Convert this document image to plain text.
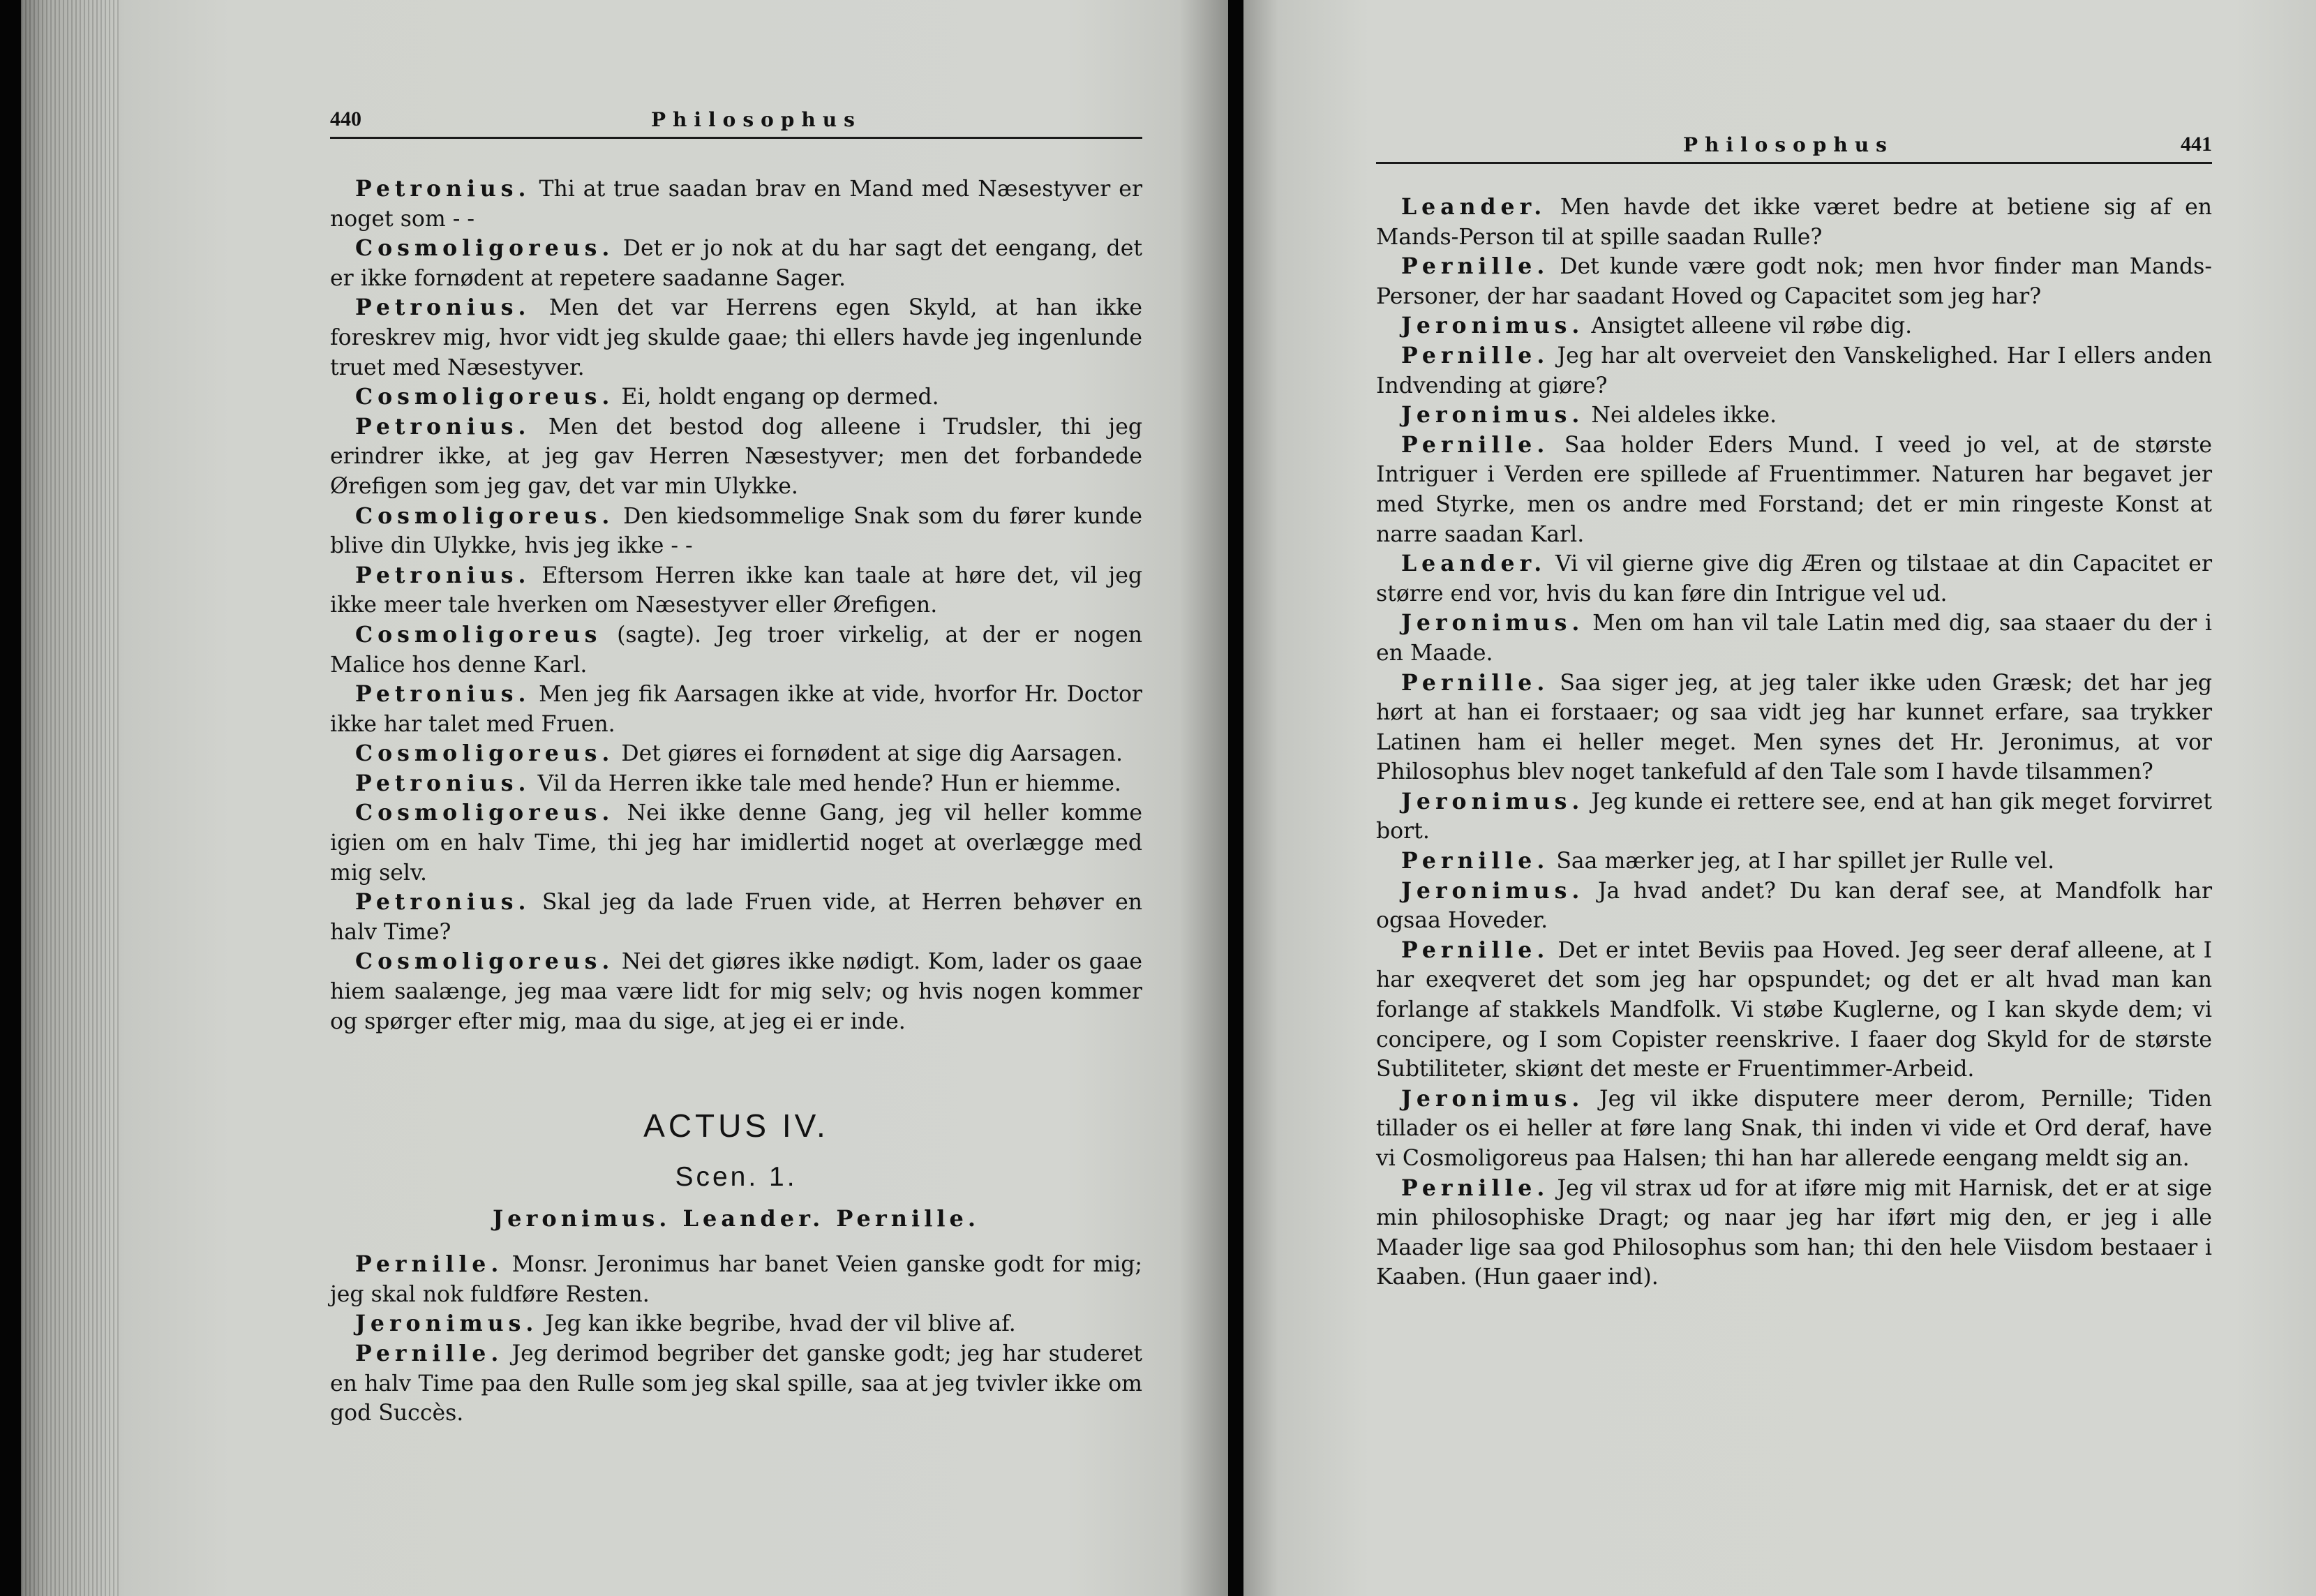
440	Philosophus

Petronius. Thi at true saadan brav en Mand med Næsestyver er noget som - -

Cosmoligoreus. Det er jo nok at du har sagt det eengang, det er ikke fornødent at repetere saadanne Sager.

Petronius. Men det var Herrens egen Skyld, at han ikke foreskrev mig, hvor vidt jeg skulde gaae; thi ellers havde jeg ingenlunde truet med Næsestyver.

Cosmoligoreus. Ei, holdt engang op dermed.

Petronius. Men det bestod dog alleene i Trudsler, thi jeg erindrer ikke, at jeg gav Herren Næsestyver; men det forbandede Ørefigen som jeg gav, det var min Ulykke.

Cosmoligoreus. Den kiedsommelige Snak som du fører kunde blive din Ulykke, hvis jeg ikke - -

Petronius. Eftersom Herren ikke kan taale at høre det, vil jeg ikke meer tale hverken om Næsestyver eller Ørefigen.

Cosmoligoreus (sagte). Jeg troer virkelig, at der er nogen Malice hos denne Karl.

Petronius. Men jeg fik Aarsagen ikke at vide, hvorfor Hr. Doctor ikke har talet med Fruen.

Cosmoligoreus. Det giøres ei fornødent at sige dig Aarsagen.

Petronius. Vil da Herren ikke tale med hende? Hun er hiemme.

Cosmoligoreus. Nei ikke denne Gang, jeg vil heller komme igien om en halv Time, thi jeg har imidlertid noget at overlægge med mig selv.

Petronius. Skal jeg da lade Fruen vide, at Herren behøver en halv Time?

Cosmoligoreus. Nei det giøres ikke nødigt. Kom, lader os gaae hiem saalænge, jeg maa være lidt for mig selv; og hvis nogen kommer og spørger efter mig, maa du sige, at jeg ei er inde.

ACTUS IV.
Scen. 1.
Jeronimus. Leander. Pernille.

Pernille. Monsr. Jeronimus har banet Veien ganske godt for mig; jeg skal nok fuldføre Resten.

Jeronimus. Jeg kan ikke begribe, hvad der vil blive af.

Pernille. Jeg derimod begriber det ganske godt; jeg har studeret en halv Time paa den Rulle som jeg skal spille, saa at jeg tvivler ikke om god Succès.

Philosophus	441

Leander. Men havde det ikke været bedre at betiene sig af en Mands-Person til at spille saadan Rulle?

Pernille. Det kunde være godt nok; men hvor finder man Mands-Personer, der har saadant Hoved og Capacitet som jeg har?

Jeronimus. Ansigtet alleene vil røbe dig.

Pernille. Jeg har alt overveiet den Vanskelighed. Har I ellers anden Indvending at giøre?

Jeronimus. Nei aldeles ikke.

Pernille. Saa holder Eders Mund. I veed jo vel, at de største Intriguer i Verden ere spillede af Fruentimmer. Naturen har begavet jer med Styrke, men os andre med Forstand; det er min ringeste Konst at narre saadan Karl.

Leander. Vi vil gierne give dig Æren og tilstaae at din Capacitet er større end vor, hvis du kan føre din Intrigue vel ud.

Jeronimus. Men om han vil tale Latin med dig, saa staaer du der i en Maade.

Pernille. Saa siger jeg, at jeg taler ikke uden Græsk; det har jeg hørt at han ei forstaaer; og saa vidt jeg har kunnet erfare, saa trykker Latinen ham ei heller meget. Men synes det Hr. Jeronimus, at vor Philosophus blev noget tankefuld af den Tale som I havde tilsammen?

Jeronimus. Jeg kunde ei rettere see, end at han gik meget forvirret bort.

Pernille. Saa mærker jeg, at I har spillet jer Rulle vel.

Jeronimus. Ja hvad andet? Du kan deraf see, at Mandfolk har ogsaa Hoveder.

Pernille. Det er intet Beviis paa Hoved. Jeg seer deraf alleene, at I har exeqveret det som jeg har opspundet; og det er alt hvad man kan forlange af stakkels Mandfolk. Vi støbe Kuglerne, og I kan skyde dem; vi concipere, og I som Copister reenskrive. I faaer dog Skyld for de største Subtiliteter, skiønt det meste er Fruentimmer-Arbeid.

Jeronimus. Jeg vil ikke disputere meer derom, Pernille; Tiden tillader os ei heller at føre lang Snak, thi inden vi vide et Ord deraf, have vi Cosmoligoreus paa Halsen; thi han har allerede eengang meldt sig an.

Pernille. Jeg vil strax ud for at iføre mig mit Harnisk, det er at sige min philosophiske Dragt; og naar jeg har iført mig den, er jeg i alle Maader lige saa god Philosophus som han; thi den hele Viisdom bestaaer i Kaaben. (Hun gaaer ind).
